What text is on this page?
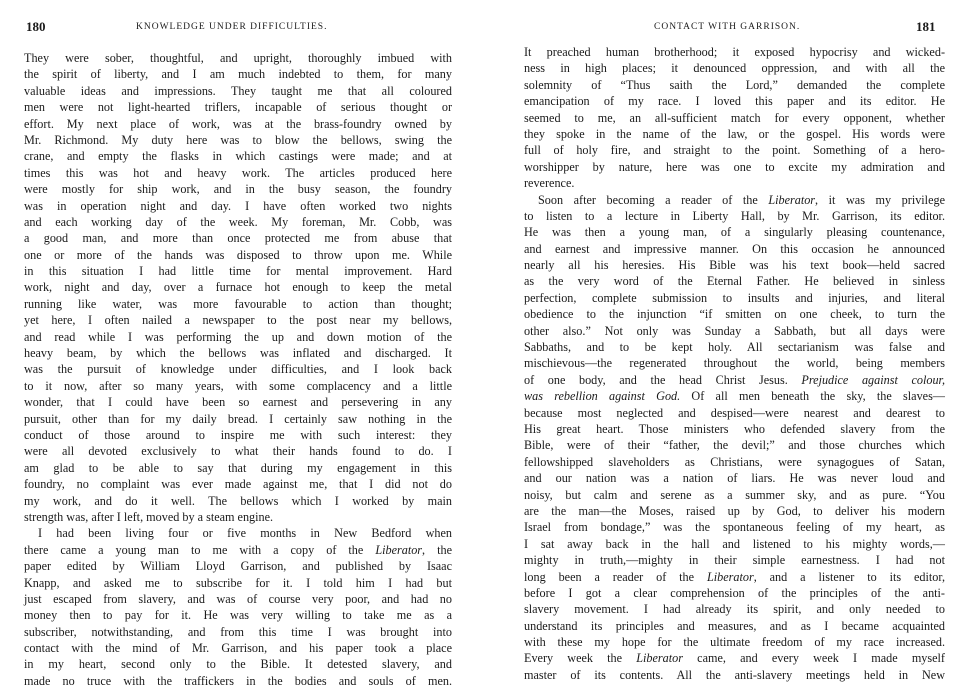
180	KNOWLEDGE UNDER DIFFICULTIES.
They were sober, thoughtful, and upright, thoroughly imbued with
the spirit of liberty, and I am much indebted to them, for many
valuable ideas and impressions. They taught me that all coloured
men were not light-hearted triflers, incapable of serious thought or
effort. My next place of work, was at the brass-foundry owned by
Mr. Richmond. My duty here was to blow the bellows, swing the
crane, and empty the flasks in which castings were made; and at
times this was hot and heavy work. The articles produced here
were mostly for ship work, and in the busy season, the foundry
was in operation night and day. I have often worked two nights
and each working day of the week. My foreman, Mr. Cobb, was
a good man, and more than once protected me from abuse that
one or more of the hands was disposed to throw upon me. While
in this situation I had little time for mental improvement. Hard
work, night and day, over a furnace hot enough to keep the metal
running like water, was more favourable to action than thought;
yet here, I often nailed a newspaper to the post near my bellows,
and read while I was performing the up and down motion of the
heavy beam, by which the bellows was inflated and discharged. It
was the pursuit of knowledge under difficulties, and I look back
to it now, after so many years, with some complacency and a little
wonder, that I could have been so earnest and persevering in any
pursuit, other than for my daily bread. I certainly saw nothing in the
conduct of those around to inspire me with such interest: they
were all devoted exclusively to what their hands found to do. I
am glad to be able to say that during my engagement in this
foundry, no complaint was ever made against me, that I did not do
my work, and do it well. The bellows which I worked by main
strength was, after I left, moved by a steam engine.
I had been living four or five months in New Bedford when
there came a young man to me with a copy of the Liberator, the
paper edited by William Lloyd Garrison, and published by Isaac
Knapp, and asked me to subscribe for it. I told him I had but
just escaped from slavery, and was of course very poor, and had no
money then to pay for it. He was very willing to take me as a
subscriber, notwithstanding, and from this time I was brought into
contact with the mind of Mr. Garrison, and his paper took a place
in my heart, second only to the Bible. It detested slavery, and
made no truce with the traffickers in the bodies and souls of men.
CONTACT WITH GARRISON.	181
It preached human brotherhood; it exposed hypocrisy and wicked-
ness in high places; it denounced oppression, and with all the
solemnity of “Thus saith the Lord,” demanded the complete
emancipation of my race. I loved this paper and its editor. He
seemed to me, an all-sufficient match for every opponent, whether
they spoke in the name of the law, or the gospel. His words were
full of holy fire, and straight to the point. Something of a hero-
worshipper by nature, here was one to excite my admiration and
reverence.
Soon after becoming a reader of the Liberator, it was my privilege
to listen to a lecture in Liberty Hall, by Mr. Garrison, its editor.
He was then a young man, of a singularly pleasing countenance,
and earnest and impressive manner. On this occasion he announced
nearly all his heresies. His Bible was his text book—held sacred
as the very word of the Eternal Father. He believed in sinless
perfection, complete submission to insults and injuries, and literal
obedience to the injunction “if smitten on one cheek, to turn the
other also.” Not only was Sunday a Sabbath, but all days were
Sabbaths, and to be kept holy. All sectarianism was false and
mischievous—the regenerated throughout the world, being members
of one body, and the head Christ Jesus. Prejudice against colour,
was rebellion against God. Of all men beneath the sky, the slaves—
because most neglected and despised—were nearest and dearest to
His great heart. Those ministers who defended slavery from the
Bible, were of their “father, the devil;” and those churches which
fellowshipped slaveholders as Christians, were synagogues of Satan,
and our nation was a nation of liars. He was never loud and
noisy, but calm and serene as a summer sky, and as pure. “You
are the man—the Moses, raised up by God, to deliver his modern
Israel from bondage,” was the spontaneous feeling of my heart, as
I sat away back in the hall and listened to his mighty words,—
mighty in truth,—mighty in their simple earnestness. I had not
long been a reader of the Liberator, and a listener to its editor,
before I got a clear comprehension of the principles of the anti-
slavery movement. I had already its spirit, and only needed to
understand its principles and measures, and as I became acquainted
with these my hope for the ultimate freedom of my race increased.
Every week the Liberator came, and every week I made myself
master of its contents. All the anti-slavery meetings held in New
